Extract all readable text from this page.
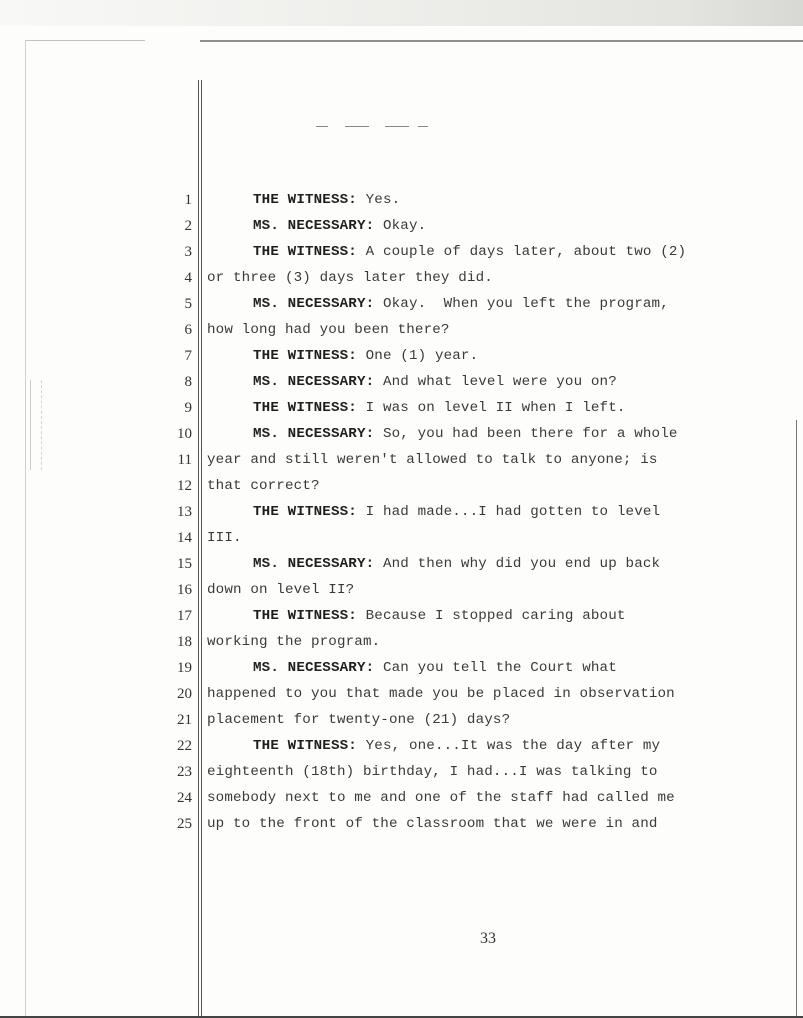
1	THE WITNESS: Yes.
2	MS. NECESSARY: Okay.
3	THE WITNESS: A couple of days later, about two (2)
4 or three (3) days later they did.
5	MS. NECESSARY: Okay.  When you left the program,
6 how long had you been there?
7	THE WITNESS: One (1) year.
8	MS. NECESSARY: And what level were you on?
9	THE WITNESS: I was on level II when I left.
10	MS. NECESSARY: So, you had been there for a whole
11 year and still weren't allowed to talk to anyone; is
12 that correct?
13	THE WITNESS: I had made...I had gotten to level
14 III.
15	MS. NECESSARY: And then why did you end up back
16 down on level II?
17	THE WITNESS: Because I stopped caring about
18 working the program.
19	MS. NECESSARY: Can you tell the Court what
20 happened to you that made you be placed in observation
21 placement for twenty-one (21) days?
22	THE WITNESS: Yes, one...It was the day after my
23 eighteenth (18th) birthday, I had...I was talking to
24 somebody next to me and one of the staff had called me
25 up to the front of the classroom that we were in and
33
